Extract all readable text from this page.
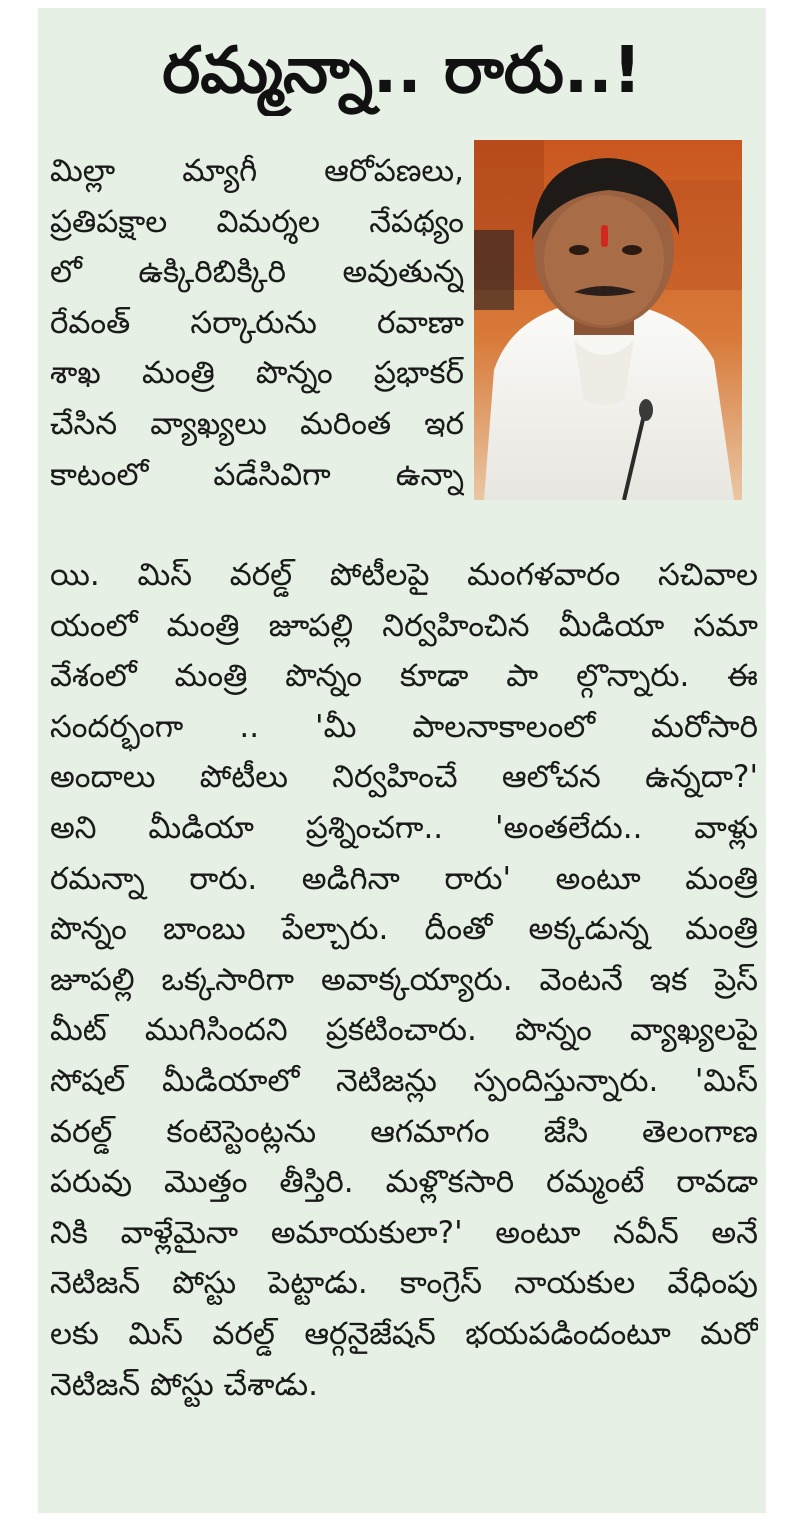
రమ్మన్నా.. రారు..!
మిల్లా మ్యాగీ ఆరోపణలు,
ప్రతిపక్షాల విమర్శల నేపథ్యం
లో ఉక్కిరిబిక్కిరి అవుతున్న
రేవంత్ సర్కారును రవాణా
శాఖ మంత్రి పొన్నం ప్రభాకర్
చేసిన వ్యాఖ్యలు మరింత ఇర
కాటంలో పడేసివిగా ఉన్నా
యి. మిస్ వరల్డ్ పోటీలపై మంగళవారం సచివాల
యంలో మంత్రి జూపల్లి నిర్వహించిన మీడియా సమా
వేశంలో మంత్రి పొన్నం కూడా పా ల్గొన్నారు. ఈ
సందర్భంగా .. 'మీ పాలనాకాలంలో మరోసారి
అందాలు పోటీలు నిర్వహించే ఆలోచన ఉన్నదా?'
అని మీడియా ప్రశ్నించగా.. 'అంతలేదు.. వాళ్లు
రమన్నా రారు. అడిగినా రారు' అంటూ మంత్రి
పొన్నం బాంబు పేల్చారు. దీంతో అక్కడున్న మంత్రి
జూపల్లి ఒక్కసారిగా అవాక్కయ్యారు. వెంటనే ఇక ప్రెస్
మీట్ ముగిసిందని ప్రకటించారు. పొన్నం వ్యాఖ్యలపై
సోషల్ మీడియాలో నెటిజన్లు స్పందిస్తున్నారు. 'మిస్
వరల్డ్ కంటెస్టెంట్లను ఆగమాగం జేసి తెలంగాణ
పరువు మొత్తం తీస్తిరి. మళ్లొకసారి రమ్మంటే రావడా
నికి వాళ్లేమైనా అమాయకులా?' అంటూ నవీన్ అనే
నెటిజన్ పోస్టు పెట్టాడు. కాంగ్రెస్ నాయకుల వేధింపు
లకు మిస్ వరల్డ్ ఆర్గనైజేషన్ భయపడిందంటూ మరో
నెటిజన్ పోస్టు చేశాడు.
